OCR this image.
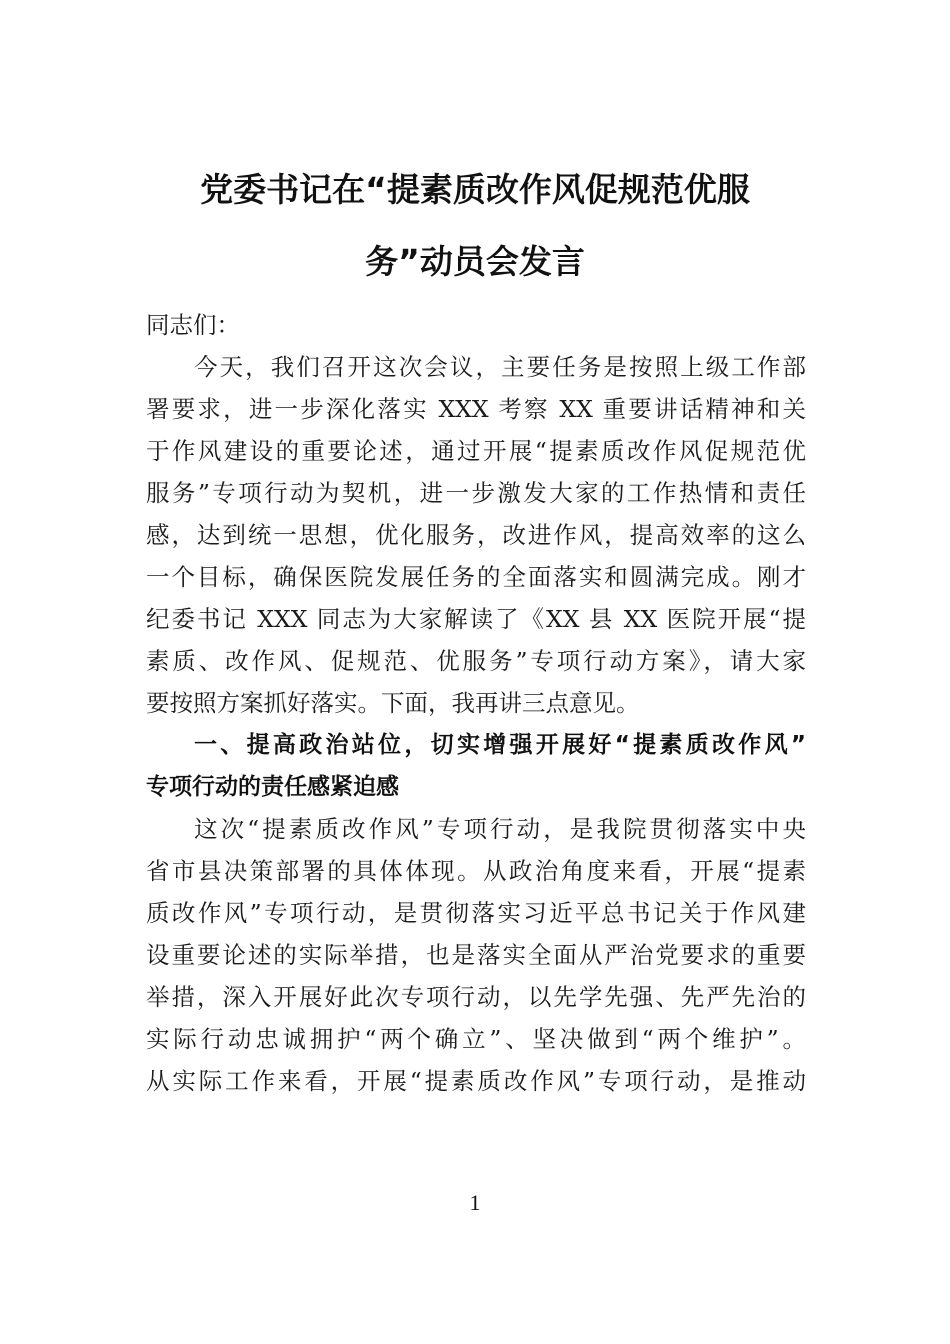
党委书记在“提素质改作风促规范优服
务”动员会发言
同志们：
今天，我们召开这次会议，主要任务是按照上级工作部
署要求，进一步深化落实 XXX 考察 XX 重要讲话精神和关
于作风建设的重要论述，通过开展“提素质改作风促规范优
服务”专项行动为契机，进一步激发大家的工作热情和责任
感，达到统一思想，优化服务，改进作风，提高效率的这么
一个目标，确保医院发展任务的全面落实和圆满完成。刚才
纪委书记 XXX 同志为大家解读了《XX 县 XX 医院开展“提
素质、改作风、促规范、优服务”专项行动方案》，请大家
要按照方案抓好落实。下面，我再讲三点意见。
一、提高政治站位，切实增强开展好“提素质改作风”
专项行动的责任感紧迫感
这次“提素质改作风”专项行动，是我院贯彻落实中央
省市县决策部署的具体体现。从政治角度来看，开展“提素
质改作风”专项行动，是贯彻落实习近平总书记关于作风建
设重要论述的实际举措，也是落实全面从严治党要求的重要
举措，深入开展好此次专项行动，以先学先强、先严先治的
实际行动忠诚拥护“两个确立”、坚决做到“两个维护”。
从实际工作来看，开展“提素质改作风”专项行动，是推动
1
